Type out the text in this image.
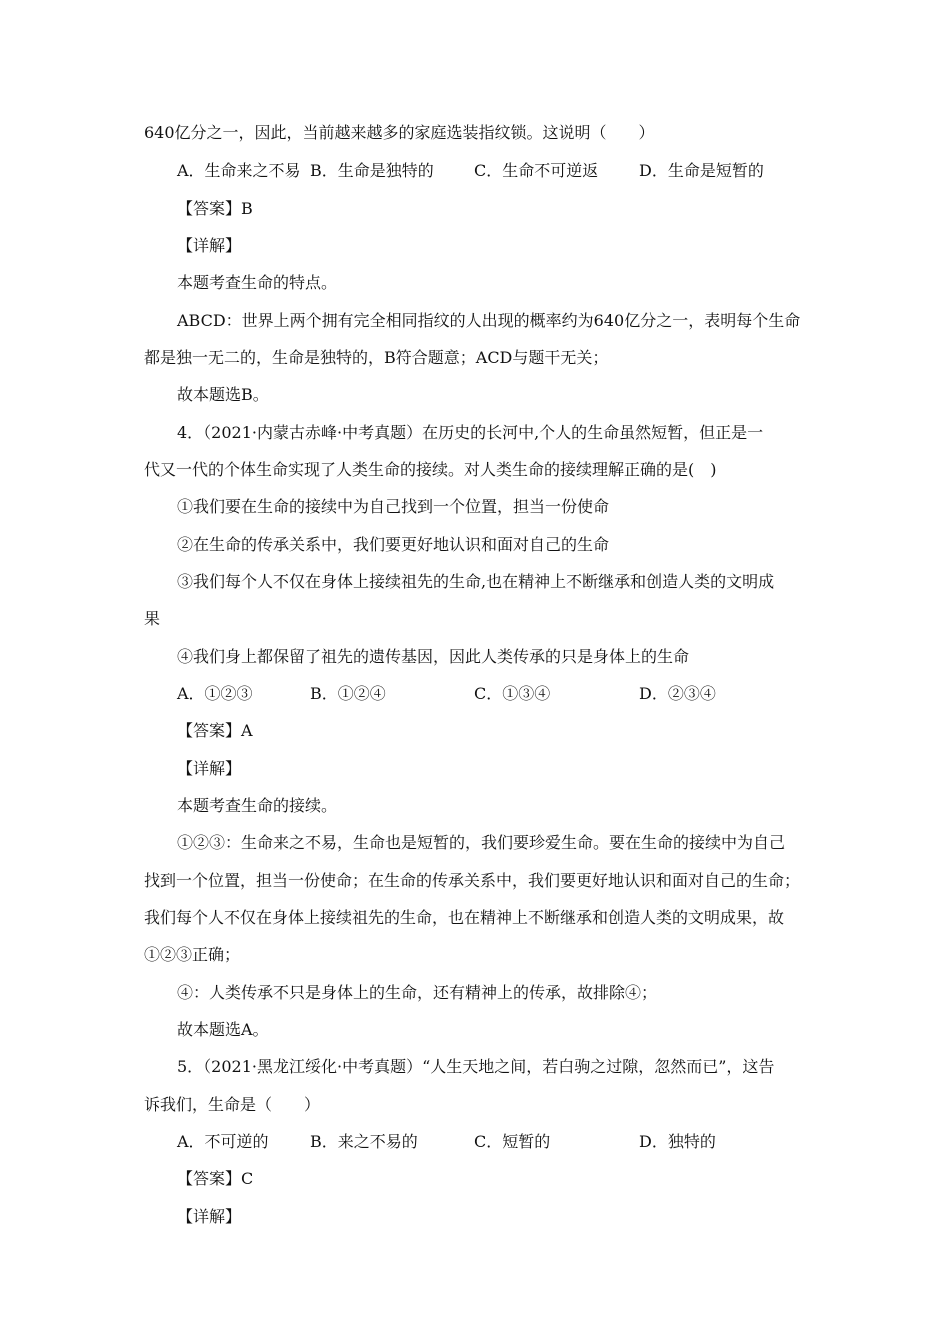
640亿分之一，因此，当前越来越多的家庭选装指纹锁。这说明（　　）
A．生命来之不易 B．生命是独特的	C．生命不可逆返	D．生命是短暂的
【答案】B
【详解】
本题考查生命的特点。
ABCD：世界上两个拥有完全相同指纹的人出现的概率约为640亿分之一，表明每个生命
都是独一无二的，生命是独特的，B符合题意；ACD与题干无关；
故本题选B。
4．（2021·内蒙古赤峰·中考真题）在历史的长河中,个人的生命虽然短暂，但正是一
代又一代的个体生命实现了人类生命的接续。对人类生命的接续理解正确的是(　)
①我们要在生命的接续中为自己找到一个位置，担当一份使命
②在生命的传承关系中，我们要更好地认识和面对自己的生命
③我们每个人不仅在身体上接续祖先的生命,也在精神上不断继承和创造人类的文明成
果
④我们身上都保留了祖先的遗传基因，因此人类传承的只是身体上的生命
A．①②③	B．①②④	C．①③④	D．②③④
【答案】A
【详解】
本题考查生命的接续。
①②③：生命来之不易，生命也是短暂的，我们要珍爱生命。要在生命的接续中为自己
找到一个位置，担当一份使命；在生命的传承关系中，我们要更好地认识和面对自己的生命；
我们每个人不仅在身体上接续祖先的生命，也在精神上不断继承和创造人类的文明成果，故
①②③正确；
④：人类传承不只是身体上的生命，还有精神上的传承，故排除④；
故本题选A。
5．（2021·黑龙江绥化·中考真题）“人生天地之间，若白驹之过隙，忽然而已”，这告
诉我们，生命是（　　）
A．不可逆的	B．来之不易的	C．短暂的	D．独特的
【答案】C
【详解】
